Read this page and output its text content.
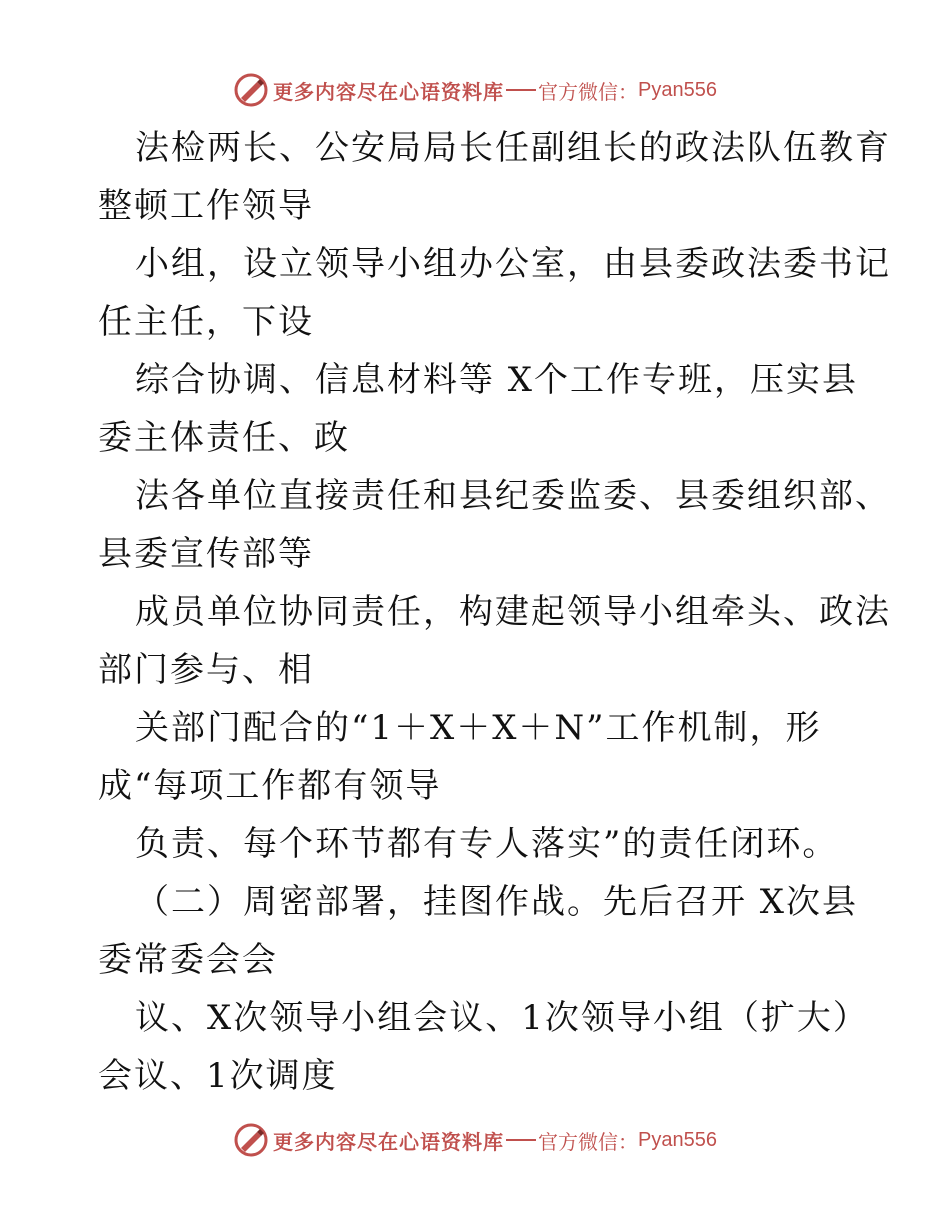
更多内容尽在心语资料库 官方微信： Pyan556
法检两长、公安局局长任副组长的政法队伍教育
整顿工作领导
小组，设立领导小组办公室，由县委政法委书记
任主任，下设
综合协调、信息材料等 X个工作专班，压实县
委主体责任、政
法各单位直接责任和县纪委监委、县委组织部、
县委宣传部等
成员单位协同责任，构建起领导小组牵头、政法
部门参与、相
关部门配合的“1＋X＋X＋N”工作机制，形
成“每项工作都有领导
负责、每个环节都有专人落实”的责任闭环。
（二）周密部署，挂图作战。先后召开 X次县
委常委会会
议、X次领导小组会议、1次领导小组（扩大）
会议、1次调度
更多内容尽在心语资料库 官方微信： Pyan556
